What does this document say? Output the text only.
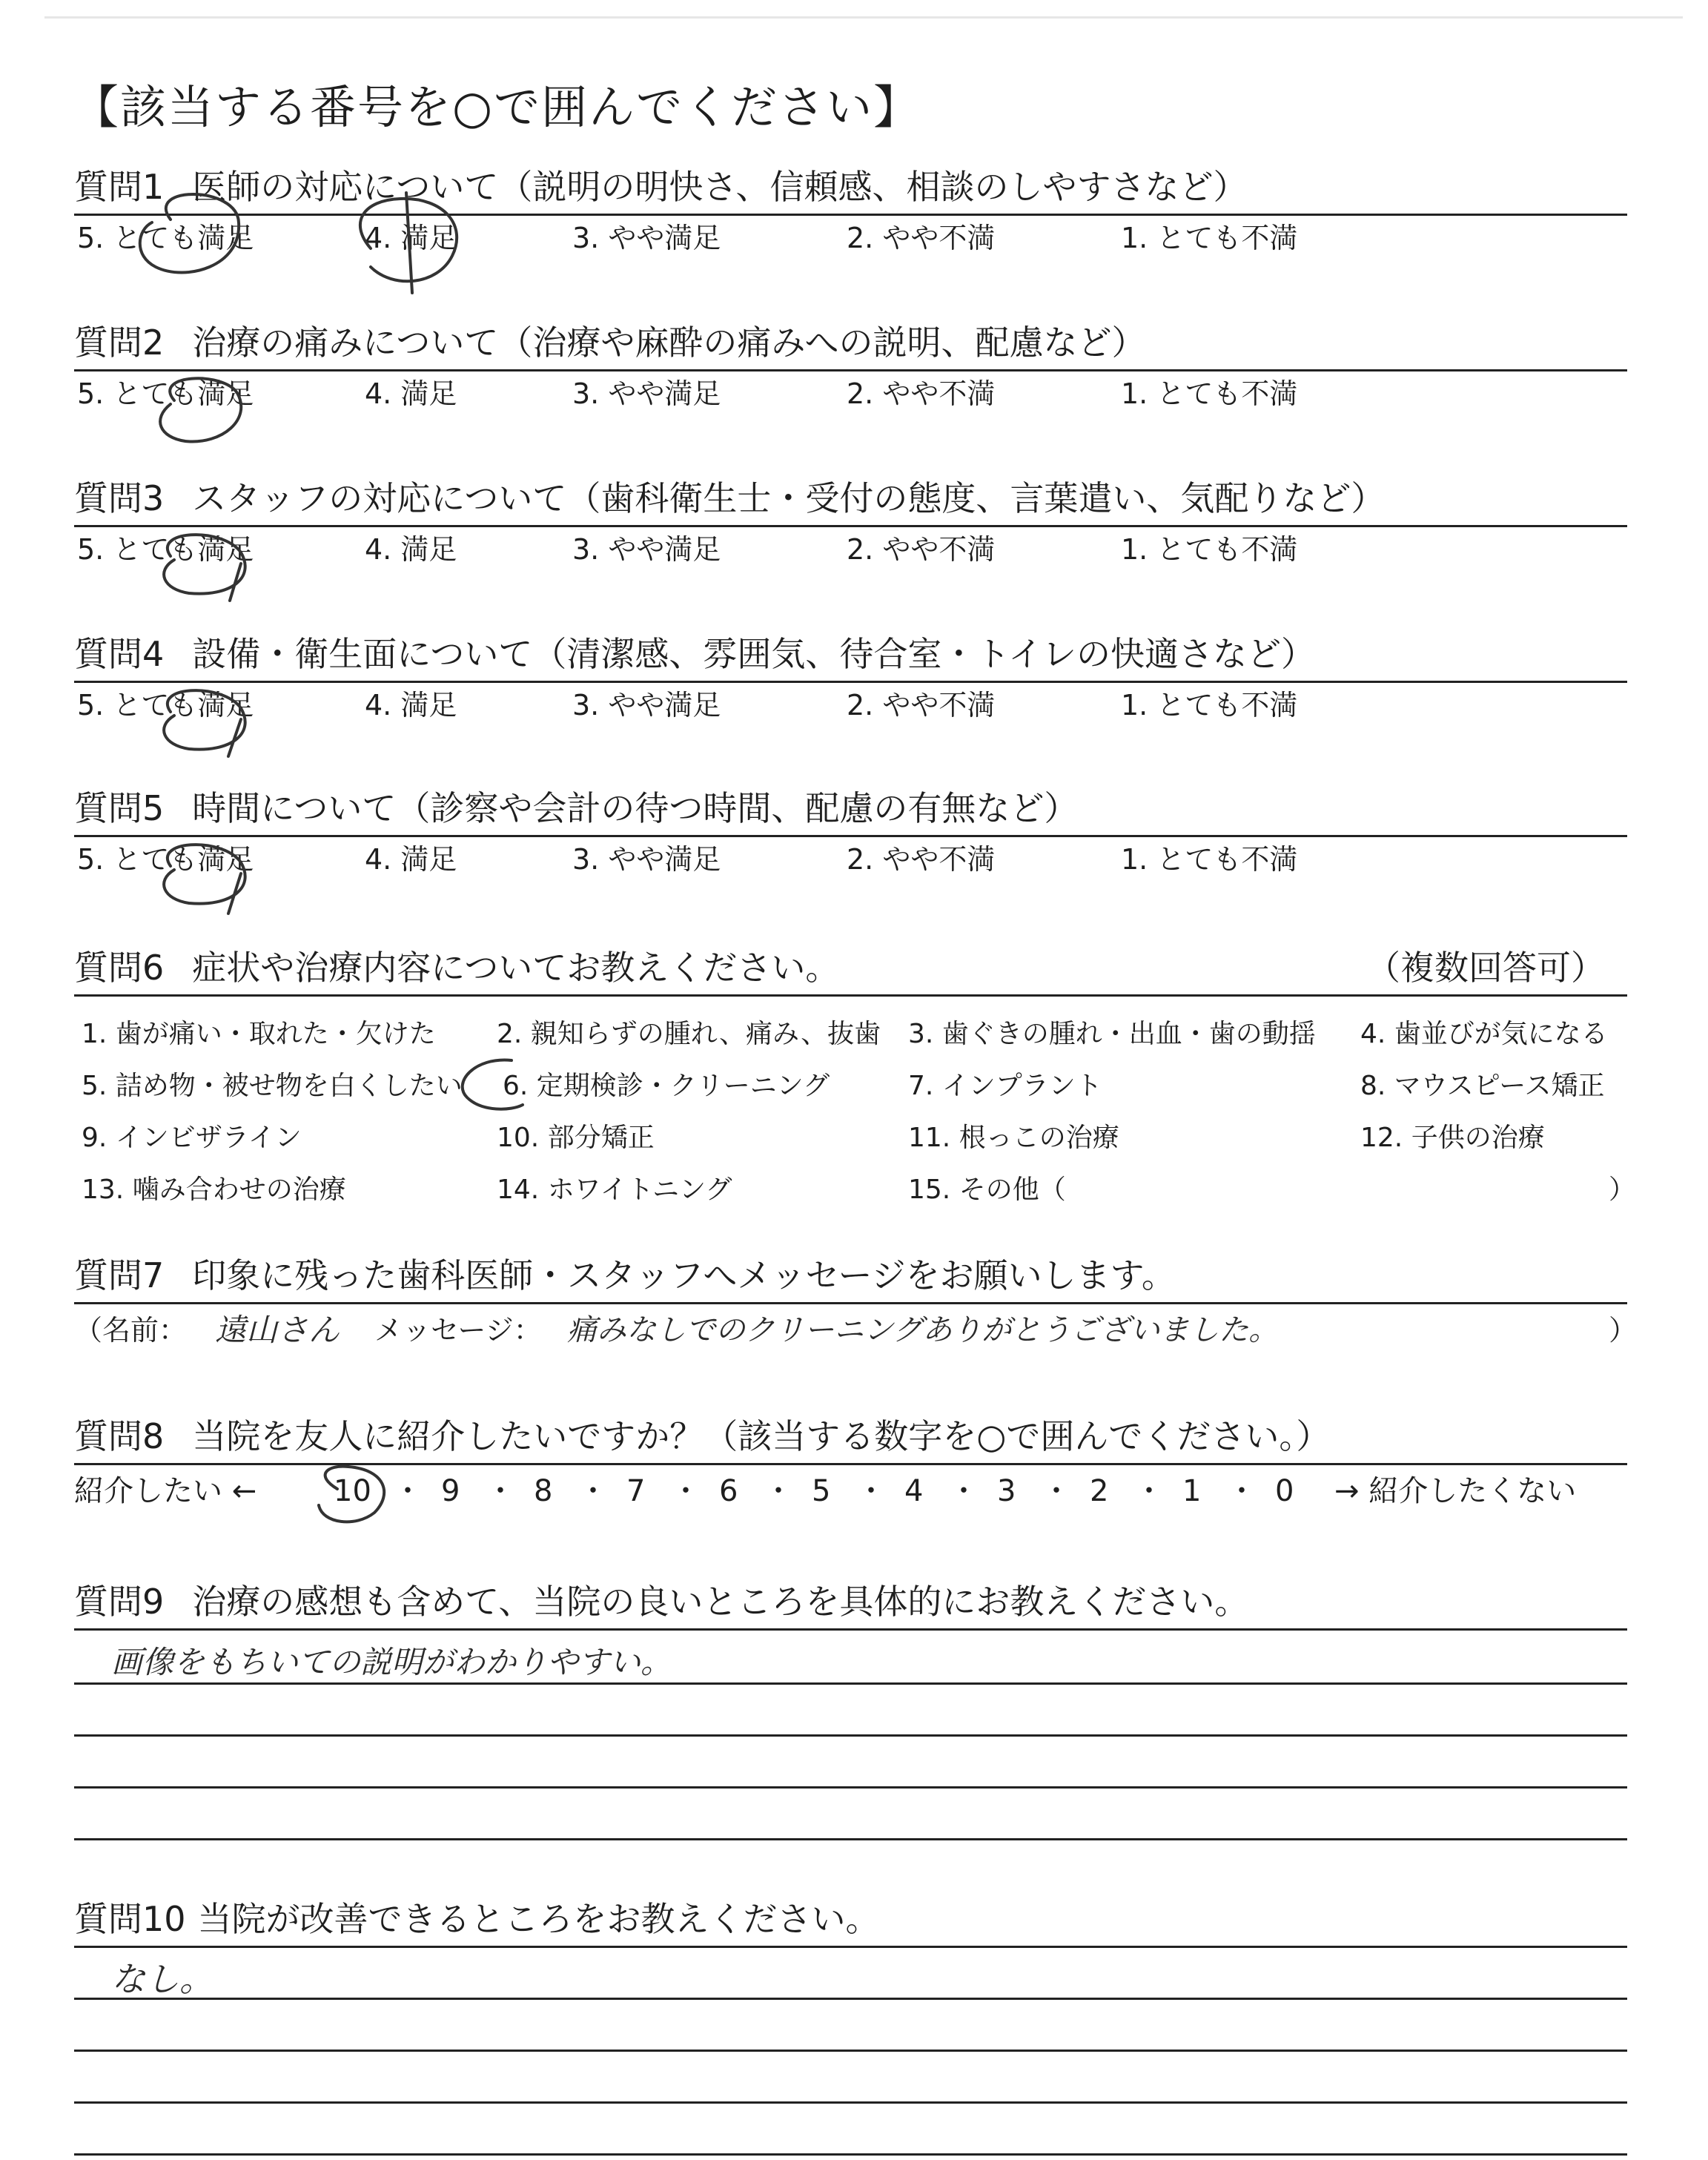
【該当する番号を○で囲んでください】
質問1 医師の対応について（説明の明快さ、信頼感、相談のしやすさなど）
5. とても満足	4. 満足	3. やや満足	2. やや不満	1. とても不満
質問2 治療の痛みについて（治療や麻酔の痛みへの説明、配慮など）
5. とても満足	4. 満足	3. やや満足	2. やや不満	1. とても不満
質問3 スタッフの対応について（歯科衛生士・受付の態度、言葉遣い、気配りなど）
5. とても満足	4. 満足	3. やや満足	2. やや不満	1. とても不満
質問4 設備・衛生面について（清潔感、雰囲気、待合室・トイレの快適さなど）
5. とても満足	4. 満足	3. やや満足	2. やや不満	1. とても不満
質問5 時間について（診察や会計の待つ時間、配慮の有無など）
5. とても満足	4. 満足	3. やや満足	2. やや不満	1. とても不満
質問6 症状や治療内容についてお教えください。	（複数回答可）
1. 歯が痛い・取れた・欠けた 2. 親知らずの腫れ、痛み、抜歯 3. 歯ぐきの腫れ・出血・歯の動揺 4. 歯並びが気になる
5. 詰め物・被せ物を白くしたい 6. 定期検診・クリーニング	7. インプラント	8. マウスピース矯正
9. インビザライン	10. 部分矯正	11. 根っこの治療	12. 子供の治療
13. 噛み合わせの治療	14. ホワイトニング	15. その他（	）
質問7 印象に残った歯科医師・スタッフへメッセージをお願いします。
（名前： 遠山さん メッセージ： 痛みなしでのクリーニングありがとうございました。	）
質問8 当院を友人に紹介したいですか？（該当する数字を○で囲んでください。）
紹介したい ←	10 ・ 9 ・ 8 ・ 7 ・ 6 ・ 5 ・ 4 ・ 3 ・ 2 ・ 1 ・ 0 → 紹介したくない
質問9 治療の感想も含めて、当院の良いところを具体的にお教えください。
画像をもちいての説明がわかりやすい。
質問10 当院が改善できるところをお教えください。
なし。
